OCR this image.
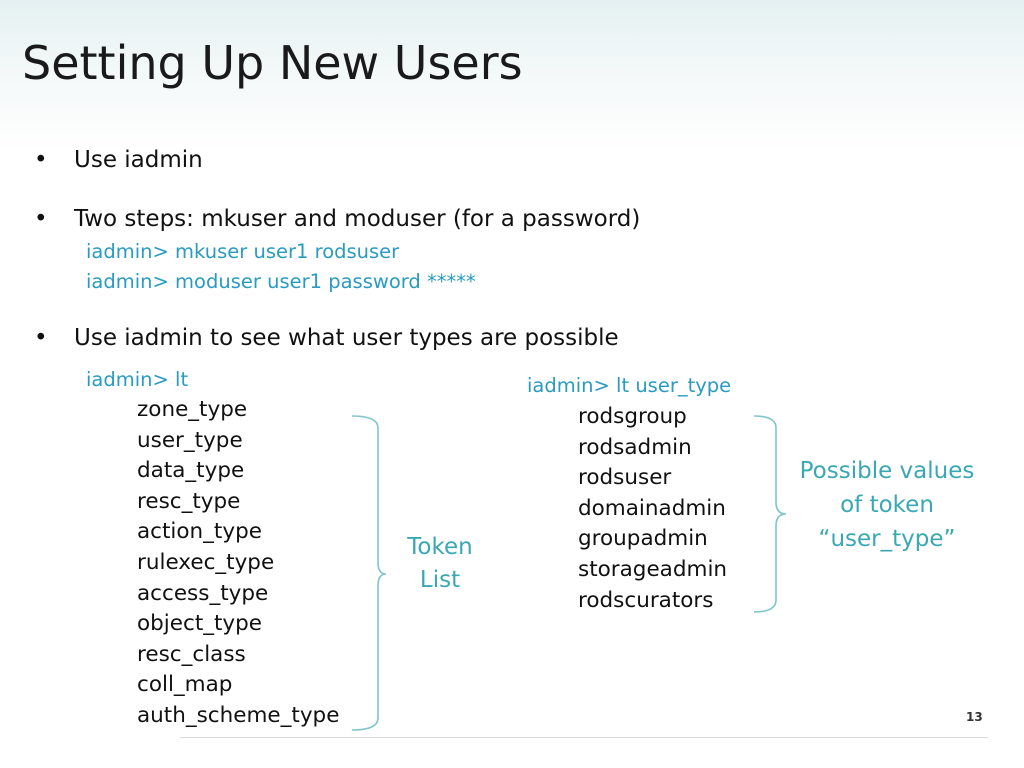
Setting Up New Users
• Use iadmin
• Two steps: mkuser and moduser (for a password)
iadmin> mkuser user1 rodsuser
iadmin> moduser user1 password *****
• Use iadmin to see what user types are possible
iadmin> lt
zone_type
user_type
data_type
resc_type
action_type
rulexec_type
access_type
object_type
resc_class
coll_map
auth_scheme_type
Token
List
iadmin> lt user_type
rodsgroup
rodsadmin
rodsuser
domainadmin
groupadmin
storageadmin
rodscurators
Possible values
of token
“user_type”
13
